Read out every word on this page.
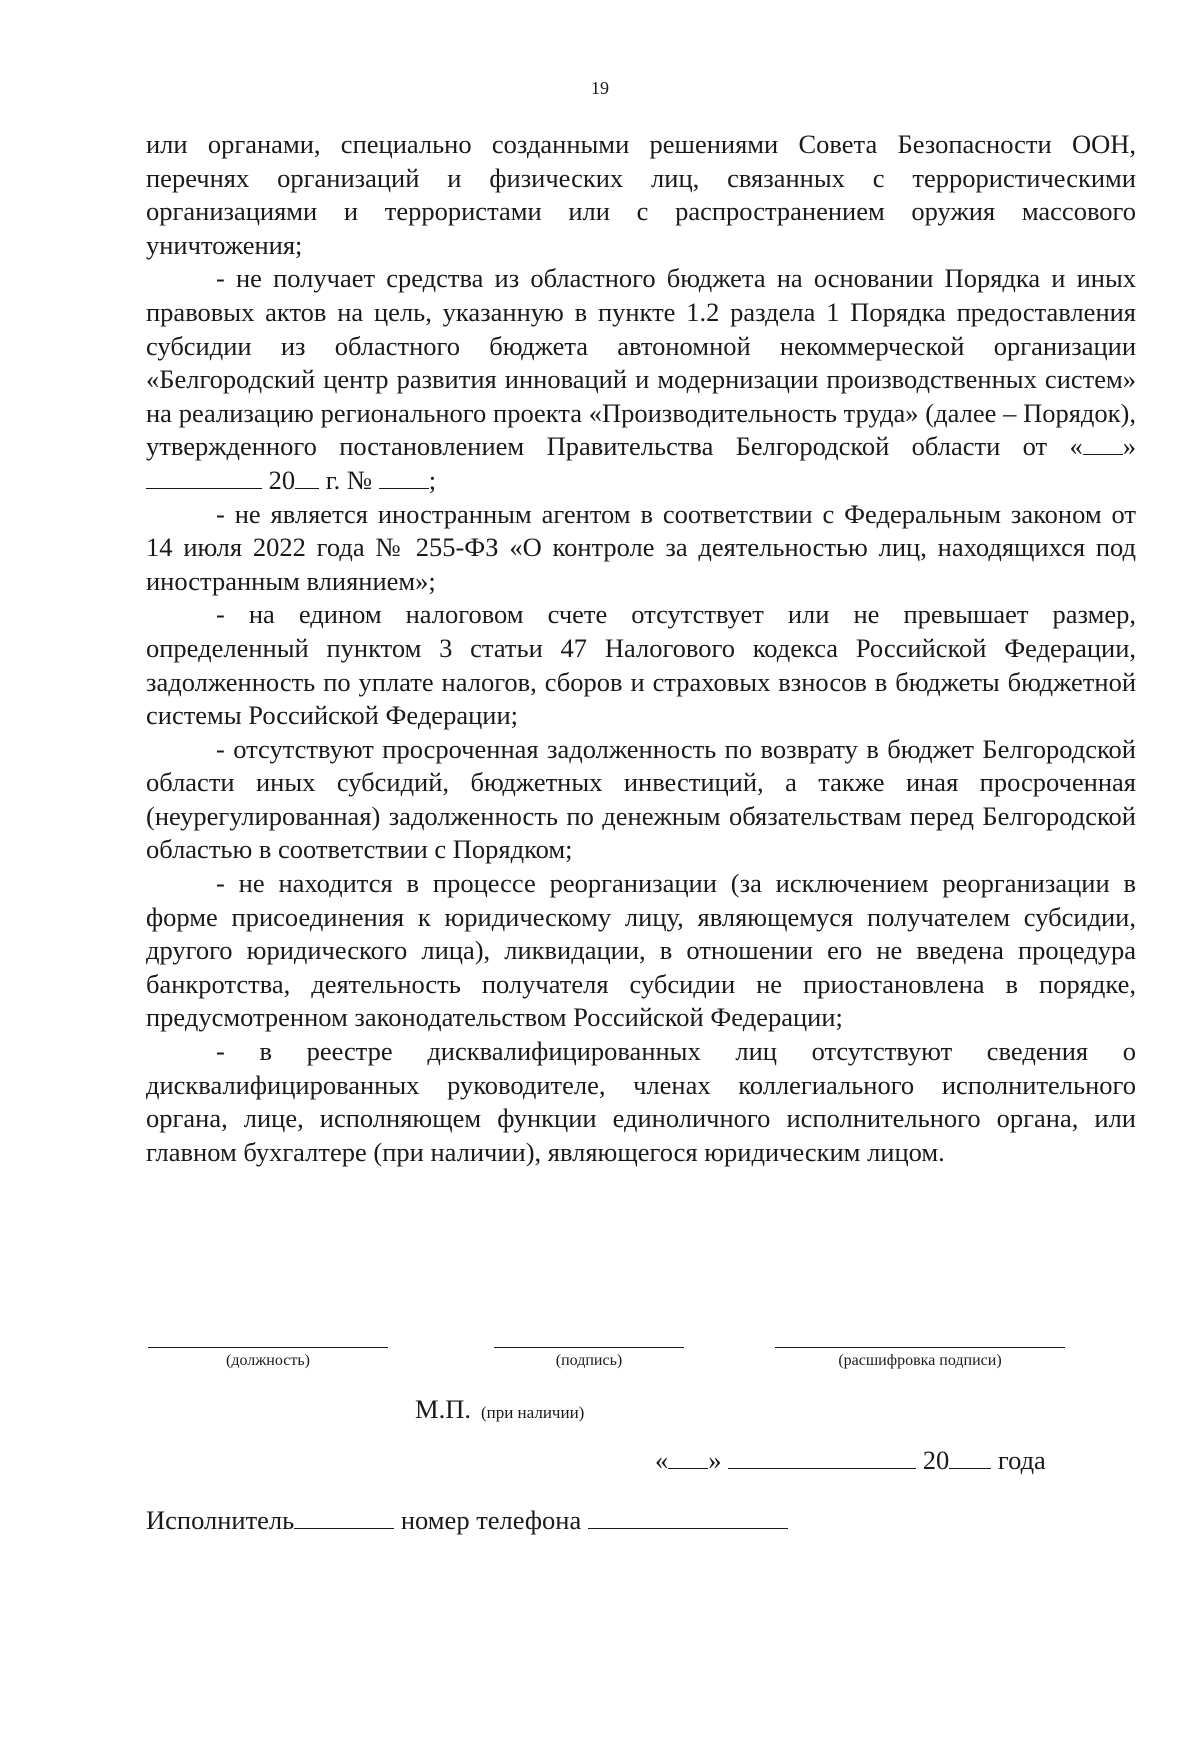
19

или органами, специально созданными решениями Совета Безопасности ООН, перечнях организаций и физических лиц, связанных с террористическими организациями и террористами или с распространением оружия массового уничтожения;

- не получает средства из областного бюджета на основании Порядка и иных правовых актов на цель, указанную в пункте 1.2 раздела 1 Порядка предоставления субсидии из областного бюджета автономной некоммерческой организации «Белгородский центр развития инноваций и модернизации производственных систем» на реализацию регионального проекта «Производительность труда» (далее – Порядок), утвержденного постановлением Правительства Белгородской области от « »  20 г. № ;

- не является иностранным агентом в соответствии с Федеральным законом от 14 июля 2022 года № 255-ФЗ «О контроле за деятельностью лиц, находящихся под иностранным влиянием»;

- на едином налоговом счете отсутствует или не превышает размер, определенный пунктом 3 статьи 47 Налогового кодекса Российской Федерации, задолженность по уплате налогов, сборов и страховых взносов в бюджеты бюджетной системы Российской Федерации;

- отсутствуют просроченная задолженность по возврату в бюджет Белгородской области иных субсидий, бюджетных инвестиций, а также иная просроченная (неурегулированная) задолженность по денежным обязательствам перед Белгородской областью в соответствии с Порядком;

- не находится в процессе реорганизации (за исключением реорганизации в форме присоединения к юридическому лицу, являющемуся получателем субсидии, другого юридического лица), ликвидации, в отношении его не введена процедура банкротства, деятельность получателя субсидии не приостановлена в порядке, предусмотренном законодательством Российской Федерации;

- в реестре дисквалифицированных лиц отсутствуют сведения о дисквалифицированных руководителе, членах коллегиального исполнительного органа, лице, исполняющем функции единоличного исполнительного органа, или главном бухгалтере (при наличии), являющегося юридическим лицом.

(должность)	(подпись)	(расшифровка подписи)
М.П. (при наличии)
« »	20 года
Исполнитель	номер телефона
